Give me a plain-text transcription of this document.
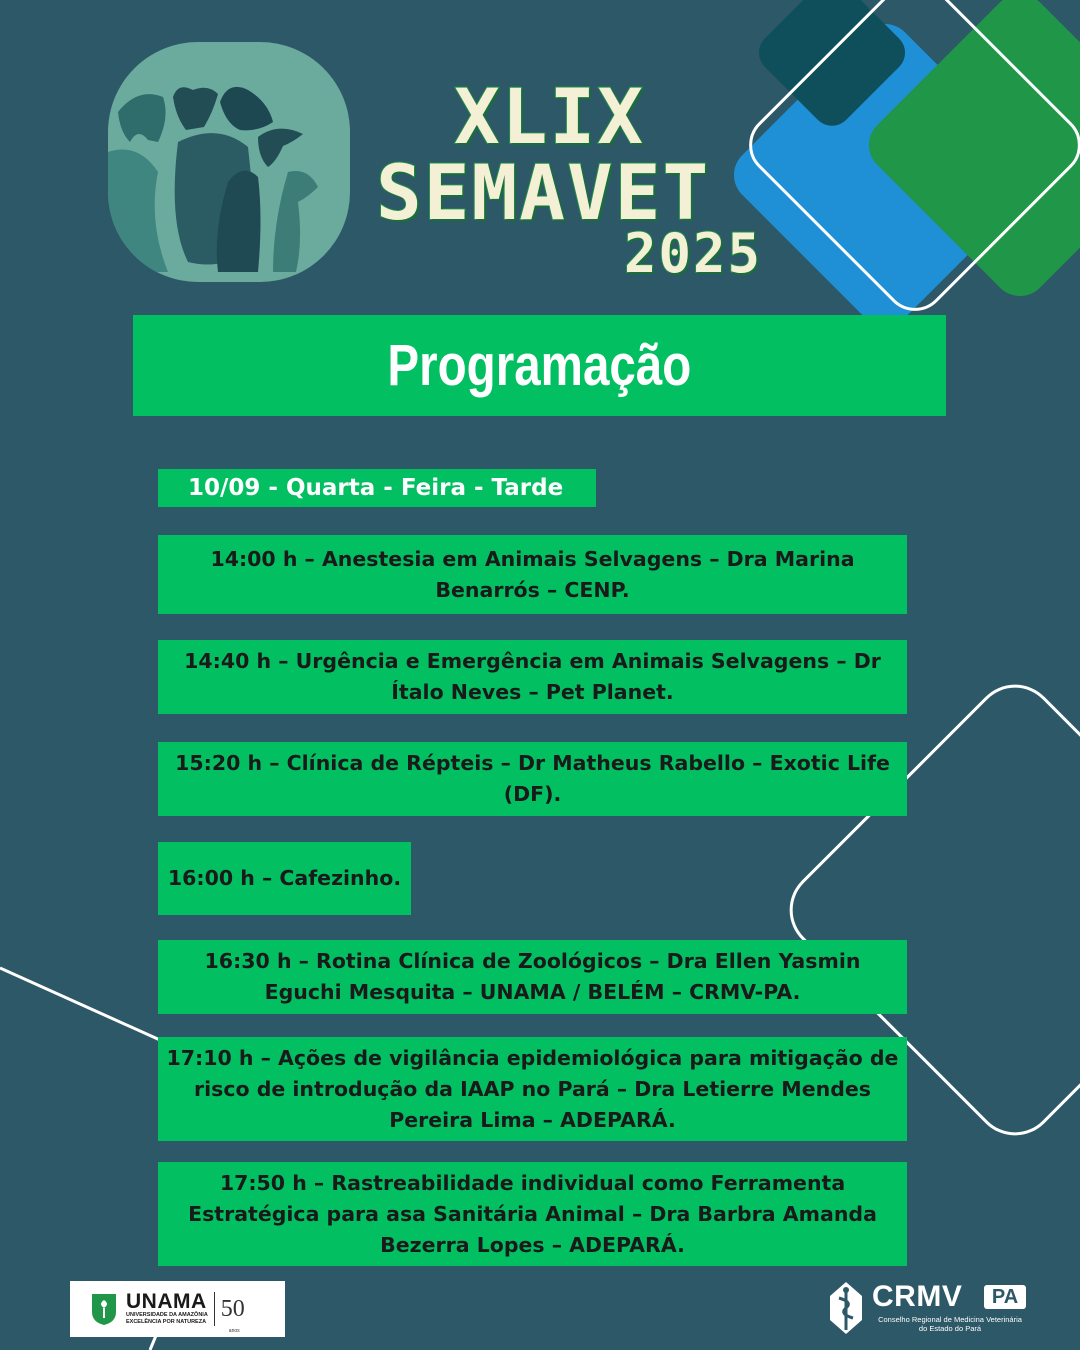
XLIX
SEMAVET
2025
Programação
10/09 - Quarta - Feira - Tarde
14:00 h – Anestesia em Animais Selvagens – Dra Marina Benarrós – CENP.
14:40 h – Urgência e Emergência em Animais Selvagens – Dr Ítalo Neves – Pet Planet.
15:20 h – Clínica de Répteis – Dr Matheus Rabello – Exotic Life (DF).
16:00 h – Cafezinho.
16:30 h – Rotina Clínica de Zoológicos – Dra Ellen Yasmin Eguchi Mesquita – UNAMA / BELÉM – CRMV-PA.
17:10 h – Ações de vigilância epidemiológica para mitigação de risco de introdução da IAAP no Pará – Dra Letierre Mendes Pereira Lima – ADEPARÁ.
17:50 h – Rastreabilidade individual como Ferramenta Estratégica para asa Sanitária Animal – Dra Barbra Amanda Bezerra Lopes – ADEPARÁ.
UNAMA
UNIVERSIDADE DA AMAZÔNIA
EXCELÊNCIA POR NATUREZA 50
anos
CRMV	PA
Conselho Regional de Medicina Veterinária
do Estado do Pará
